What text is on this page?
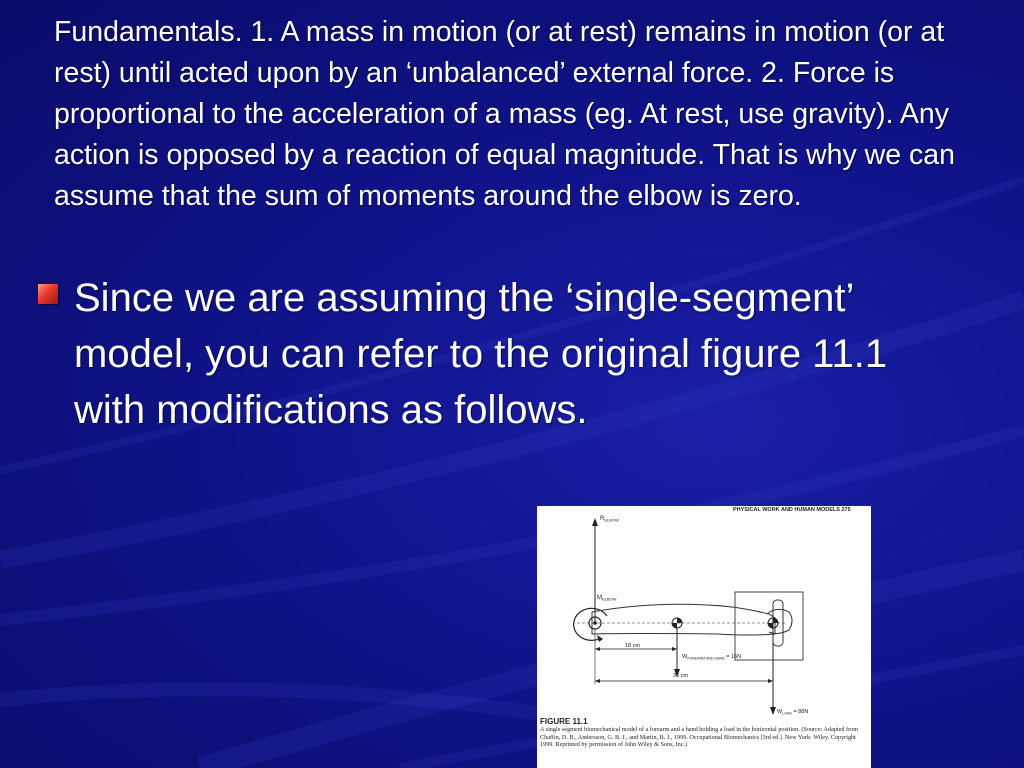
Fundamentals. 1. A mass in motion (or at rest) remains in motion (or at rest) until acted upon by an ‘unbalanced’ external force. 2. Force is proportional to the acceleration of a mass (eg. At rest, use gravity). Any action is opposed by a reaction of equal magnitude. That is why we can assume that the sum of moments around the elbow is zero.

Since we are assuming the ‘single-segment’ model, you can refer to the original figure 11.1 with modifications as follows.

PHYSICAL WORK AND HUMAN MODELS 275
$R_{ELBOW}$
$M_{ELBOW}$
$W_{FOREARM AND HAND} = 16N$
$W_{LOAD} = 88N$
18 cm
36 cm
FIGURE 11.1
A single segment biomechanical model of a forearm and a hand holding a load in the horizontal position. (Source: Adapted from Chaffin, D. B., Andersson, G. B. J., and Martin, B. J., 1999. Occupational Biomechanics [3rd ed.]. New York: Wiley. Copyright 1999. Reprinted by permission of John Wiley & Sons, Inc.)
